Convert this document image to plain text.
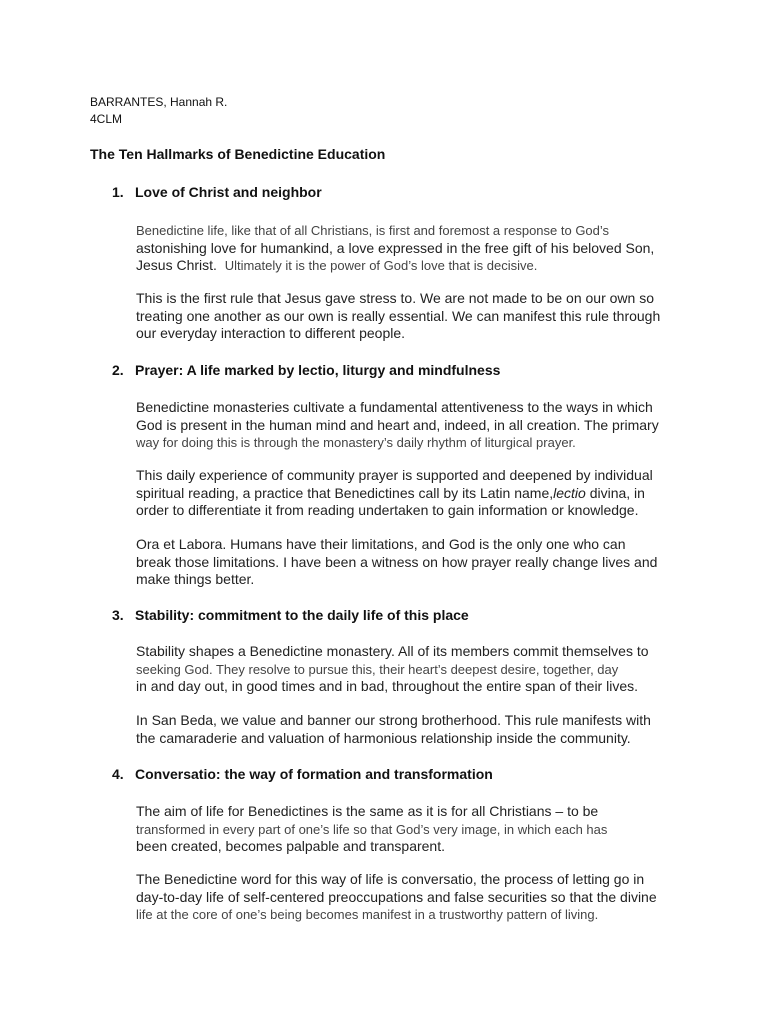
BARRANTES, Hannah R.
4CLM
The Ten Hallmarks of Benedictine Education
1. Love of Christ and neighbor

Benedictine life, like that of all Christians, is first and foremost a response to God’s
astonishing love for humankind, a love expressed in the free gift of his beloved Son,
Jesus Christ. Ultimately it is the power of God’s love that is decisive.

This is the first rule that Jesus gave stress to. We are not made to be on our own so
treating one another as our own is really essential. We can manifest this rule through
our everyday interaction to different people.

2. Prayer: A life marked by lectio, liturgy and mindfulness

Benedictine monasteries cultivate a fundamental attentiveness to the ways in which
God is present in the human mind and heart and, indeed, in all creation. The primary
way for doing this is through the monastery’s daily rhythm of liturgical prayer.

This daily experience of community prayer is supported and deepened by individual
spiritual reading, a practice that Benedictines call by its Latin name,lectio divina, in
order to differentiate it from reading undertaken to gain information or knowledge.

Ora et Labora. Humans have their limitations, and God is the only one who can
break those limitations. I have been a witness on how prayer really change lives and
make things better.

3. Stability: commitment to the daily life of this place

Stability shapes a Benedictine monastery. All of its members commit themselves to
seeking God. They resolve to pursue this, their heart’s deepest desire, together, day
in and day out, in good times and in bad, throughout the entire span of their lives.

In San Beda, we value and banner our strong brotherhood. This rule manifests with
the camaraderie and valuation of harmonious relationship inside the community.

4. Conversatio: the way of formation and transformation

The aim of life for Benedictines is the same as it is for all Christians – to be
transformed in every part of one’s life so that God’s very image, in which each has
been created, becomes palpable and transparent.

The Benedictine word for this way of life is conversatio, the process of letting go in
day-to-day life of self-centered preoccupations and false securities so that the divine
life at the core of one’s being becomes manifest in a trustworthy pattern of living.
